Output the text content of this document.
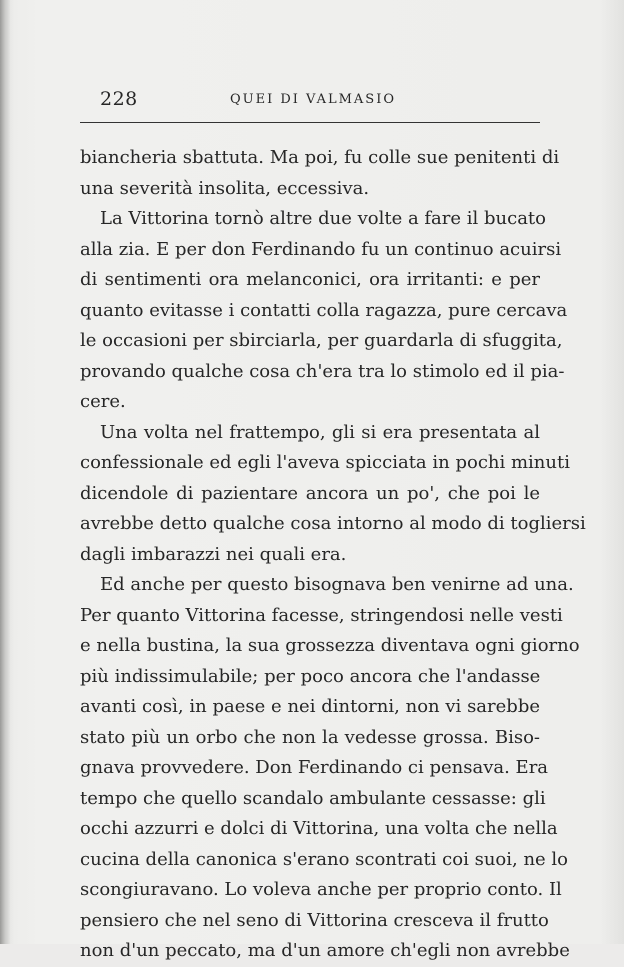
228	QUEI DI VALMASIO
biancheria sbattuta. Ma poi, fu colle sue penitenti di
una severità insolita, eccessiva.
La Vittorina tornò altre due volte a fare il bucato
alla zia. E per don Ferdinando fu un continuo acuirsi
di sentimenti ora melanconici, ora irritanti: e per
quanto evitasse i contatti colla ragazza, pure cercava
le occasioni per sbirciarla, per guardarla di sfuggita,
provando qualche cosa ch'era tra lo stimolo ed il pia-
cere.
Una volta nel frattempo, gli si era presentata al
confessionale ed egli l'aveva spicciata in pochi minuti
dicendole di pazientare ancora un po', che poi le
avrebbe detto qualche cosa intorno al modo di togliersi
dagli imbarazzi nei quali era.
Ed anche per questo bisognava ben venirne ad una.
Per quanto Vittorina facesse, stringendosi nelle vesti
e nella bustina, la sua grossezza diventava ogni giorno
più indissimulabile; per poco ancora che l'andasse
avanti così, in paese e nei dintorni, non vi sarebbe
stato più un orbo che non la vedesse grossa. Biso-
gnava provvedere. Don Ferdinando ci pensava. Era
tempo che quello scandalo ambulante cessasse: gli
occhi azzurri e dolci di Vittorina, una volta che nella
cucina della canonica s'erano scontrati coi suoi, ne lo
scongiuravano. Lo voleva anche per proprio conto. Il
pensiero che nel seno di Vittorina cresceva il frutto
non d'un peccato, ma d'un amore ch'egli non avrebbe
